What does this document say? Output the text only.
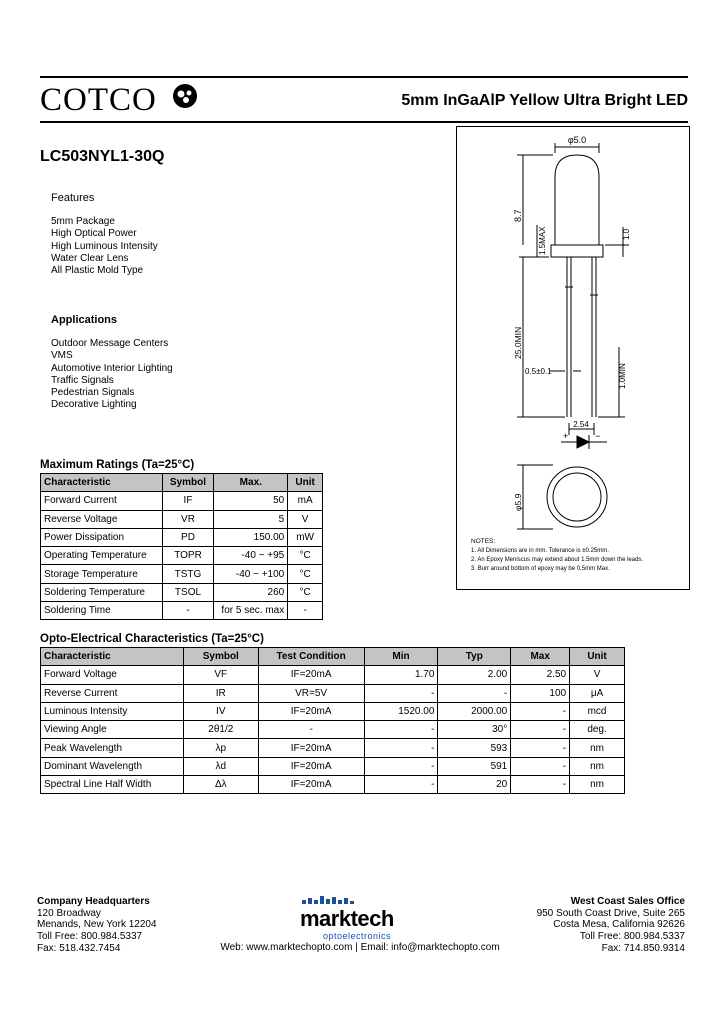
COTCO	5mm InGaAlP Yellow Ultra Bright LED
LC503NYL1-30Q
Features
5mm Package
High Optical Power
High Luminous Intensity
Water Clear Lens
All Plastic Mold Type
Applications
Outdoor Message Centers
VMS
Automotive Interior Lighting
Traffic Signals
Pedestrian Signals
Decorative Lighting
φ5.0
8.7
1.5MAX	1.0
25.0MIN
0.5±0.1	1.0MIN
2.54
+	−
φ5.9
NOTES:
1. All Dimensions are in mm. Tolerance is ±0.25mm.
2. An Epoxy Meniscus may extend about 1.5mm down the leads.
3. Burr around bottom of epoxy may be 0.5mm Max.
Maximum Ratings (Ta=25°C)
Characteristic	Symbol	Max.	Unit
Forward Current	IF	50	mA
Reverse Voltage	VR	5	V
Power Dissipation	PD	150.00	mW
Operating Temperature	TOPR	-40 ~ +95	°C
Storage Temperature	TSTG	-40 ~ +100	°C
Soldering Temperature	TSOL	260	°C
Soldering Time	-	for 5 sec. max	-
Opto-Electrical Characteristics (Ta=25°C)
Characteristic	Symbol	Test Condition	Min	Typ	Max	Unit
Forward Voltage	VF	IF=20mA	1.70	2.00	2.50	V
Reverse Current	IR	VR=5V	-	-	100	μA
Luminous Intensity	IV	IF=20mA	1520.00	2000.00	-	mcd
Viewing Angle	2θ1/2	-	-	30°	-	deg.
Peak Wavelength	λp	IF=20mA	-	593	-	nm
Dominant Wavelength	λd	IF=20mA	-	591	-	nm
Spectral Line Half Width	Δλ	IF=20mA	-	20	-	nm
Company Headquarters
120 Broadway
Menands, New York 12204
Toll Free: 800.984.5337
Fax: 518.432.7454
marktech
optoelectronics
West Coast Sales Office
950 South Coast Drive, Suite 265
Costa Mesa, California 92626
Toll Free: 800.984.5337
Fax: 714.850.9314
Web: www.marktechopto.com | Email: info@marktechopto.com
